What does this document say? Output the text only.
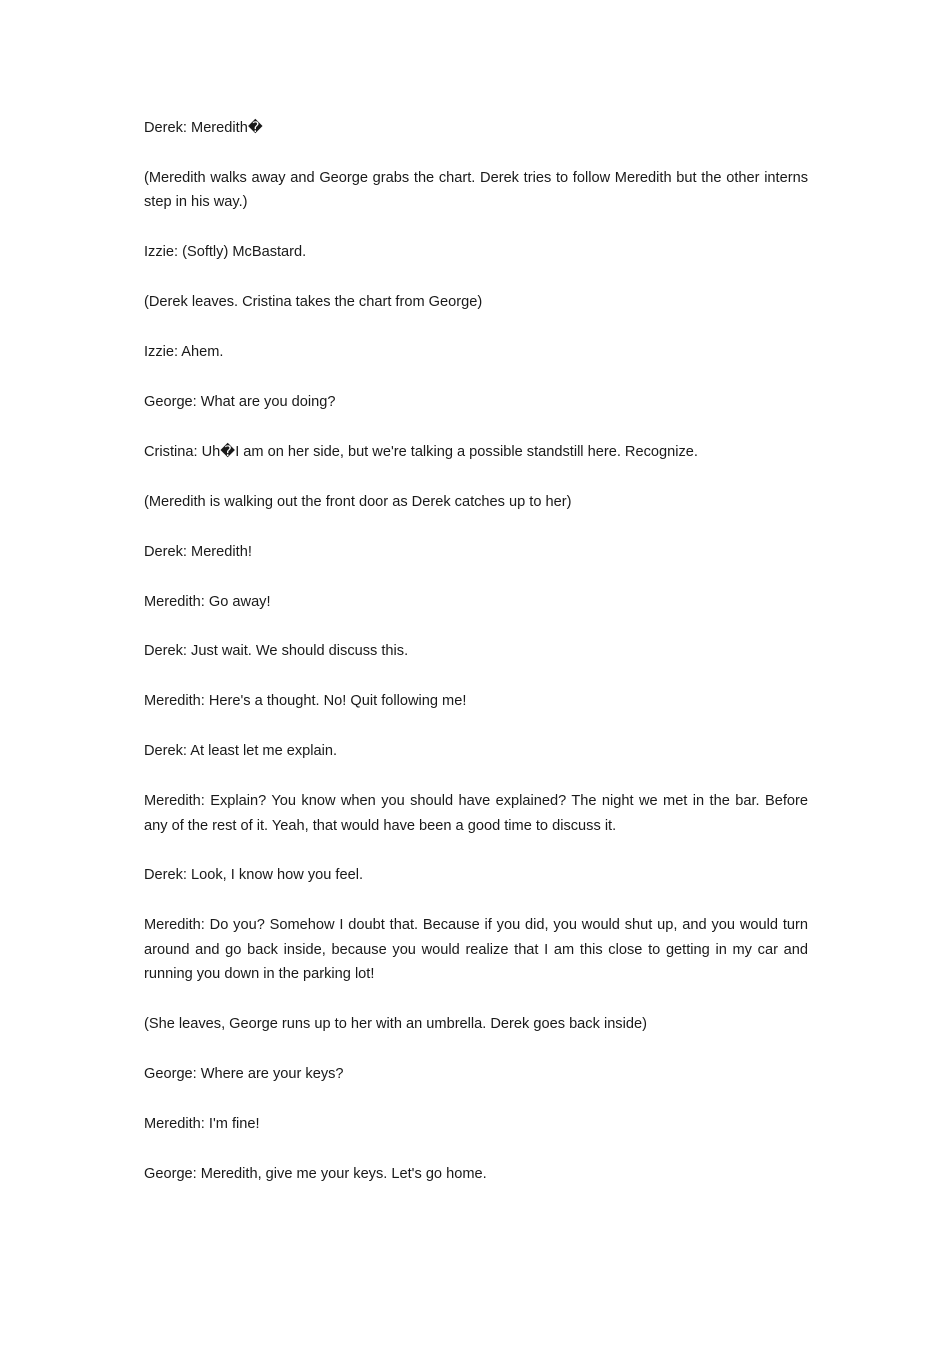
Derek: Meredith�

(Meredith walks away and George grabs the chart. Derek tries to follow Meredith but the other interns step in his way.)

Izzie: (Softly) McBastard.

(Derek leaves. Cristina takes the chart from George)

Izzie: Ahem.

George: What are you doing?

Cristina: Uh�I am on her side, but we're talking a possible standstill here. Recognize.

(Meredith is walking out the front door as Derek catches up to her)

Derek: Meredith!

Meredith: Go away!

Derek: Just wait. We should discuss this.

Meredith: Here's a thought. No! Quit following me!

Derek: At least let me explain.

Meredith: Explain? You know when you should have explained? The night we met in the bar. Before any of the rest of it. Yeah, that would have been a good time to discuss it.

Derek: Look, I know how you feel.

Meredith: Do you? Somehow I doubt that. Because if you did, you would shut up, and you would turn around and go back inside, because you would realize that I am this close to getting in my car and running you down in the parking lot!

(She leaves, George runs up to her with an umbrella. Derek goes back inside)

George: Where are your keys?

Meredith: I'm fine!

George: Meredith, give me your keys. Let's go home.
